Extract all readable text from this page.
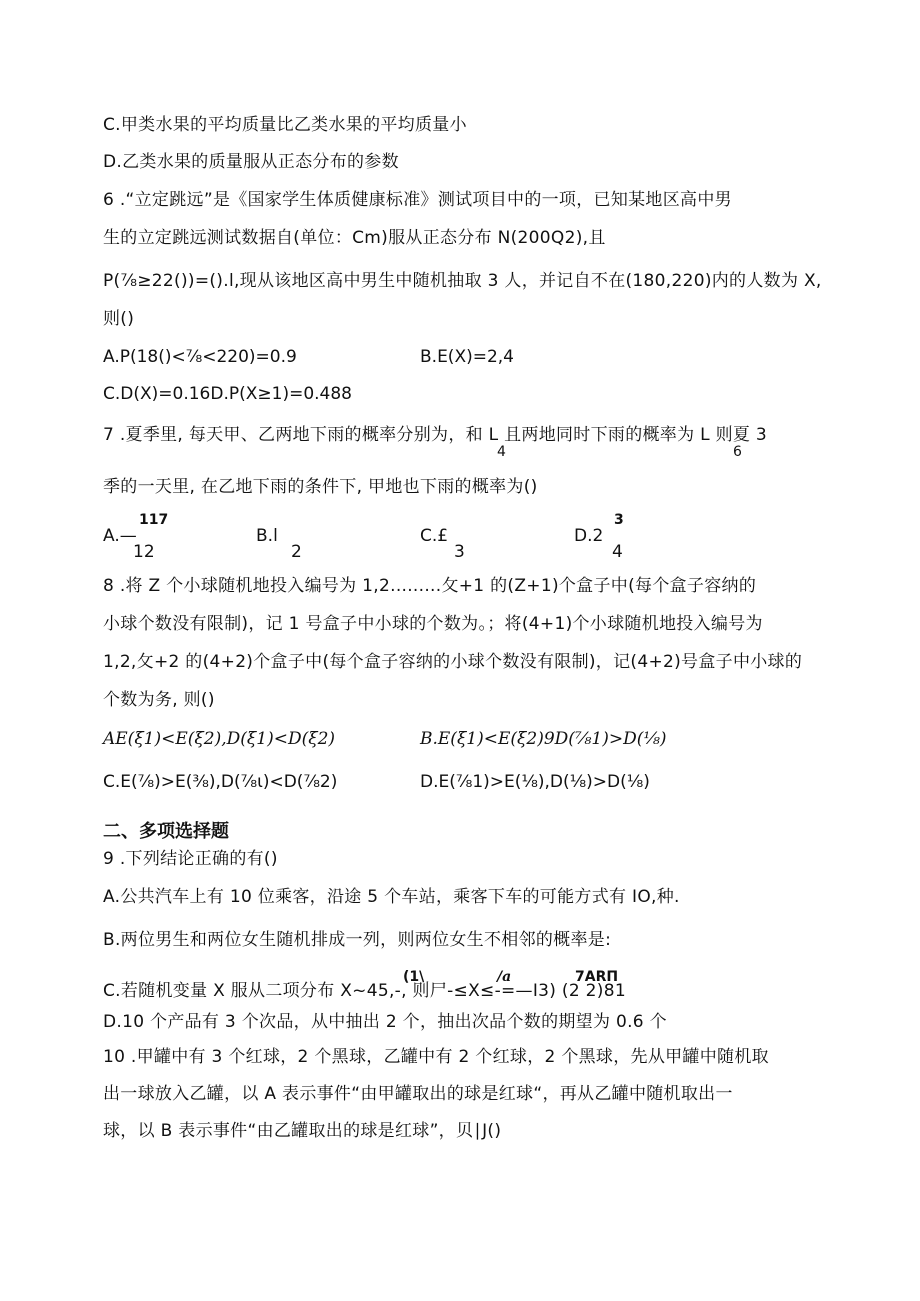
C.甲类水果的平均质量比乙类水果的平均质量小
D.乙类水果的质量服从正态分布的参数
6 .“立定跳远”是《国家学生体质健康标准》测试项目中的一项，已知某地区高中男
生的立定跳远测试数据自(单位：Cm)服从正态分布 N(200Q2),且
P(⅞≥22())=().l,现从该地区高中男生中随机抽取 3 人，并记自不在(180,220)内的人数为 X,
则()
A.P(18()<⅞<220)=0.9	B.E(X)=2,4
C.D(X)=0.16D.P(X≥1)=0.488
7 .夏季里, 每天甲、乙两地下雨的概率分别为，和 L 且两地同时下雨的概率为 L 则夏 3
4	6
季的一天里, 在乙地下雨的条件下, 甲地也下雨的概率为()
117
A.—
12
B.l
2
C.£
3
D.2
3
4
8 .将 Z 个小球随机地投入编号为 1,2.........攵+1 的(Z+1)个盒子中(每个盒子容纳的
小球个数没有限制)，记 1 号盒子中小球的个数为。；将(4+1)个小球随机地投入编号为
1,2,攵+2 的(4+2)个盒子中(每个盒子容纳的小球个数没有限制)，记(4+2)号盒子中小球的
个数为务, 则()
AE(ξ1)<E(ξ2),D(ξ1)<D(ξ2)	B.E(ξ1)<E(ξ2)9D(⅞1)>D(⅛)
C.E(⅞)>E(⅜),D(⅞ι)<D(⅞2)	D.E(⅞1)>E(⅛),D(⅛)>D(⅛)
二、多项选择题
9 .下列结论正确的有()
A.公共汽车上有 10 位乘客，沿途 5 个车站，乘客下车的可能方式有 IO,种.
B.两位男生和两位女生随机排成一列，则两位女生不相邻的概率是:
(1\	/a	7ARΠ
C.若随机变量 X 服从二项分布 X~45,-, 则尸-≤X≤-=—I3) (2 2)81
D.10 个产品有 3 个次品，从中抽出 2 个，抽出次品个数的期望为 0.6 个
10 .甲罐中有 3 个红球，2 个黑球，乙罐中有 2 个红球，2 个黑球，先从甲罐中随机取
出一球放入乙罐，以 A 表示事件“由甲罐取出的球是红球“，再从乙罐中随机取出一
球，以 B 表示事件“由乙罐取出的球是红球”，贝∣J()
